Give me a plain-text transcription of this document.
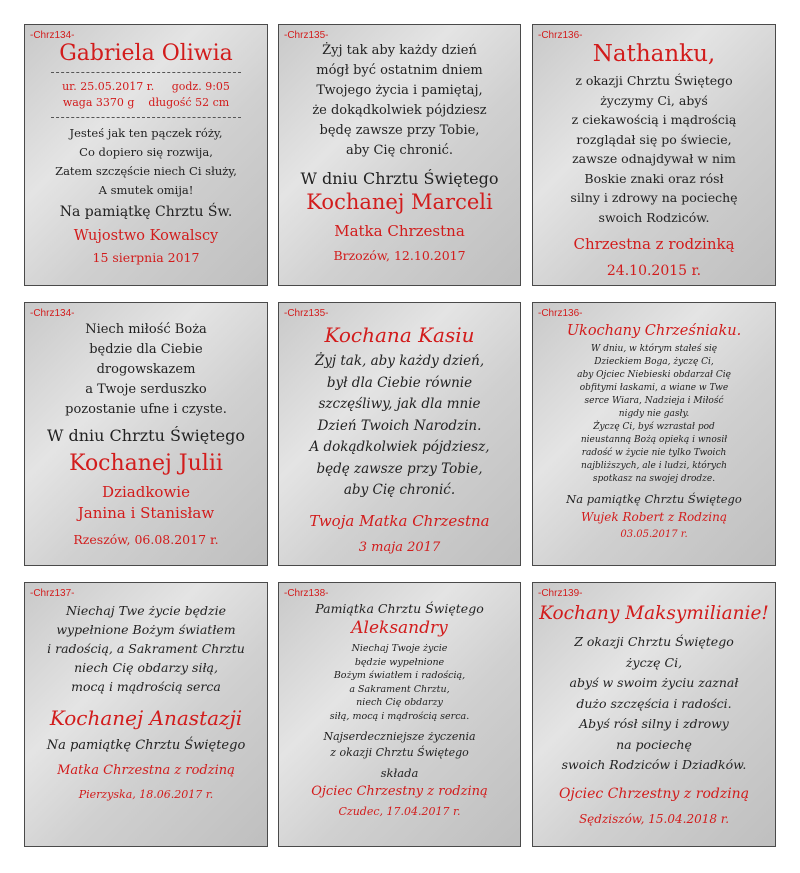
-Chrz134-
Gabriela Oliwia
ur. 25.05.2017 r.     godz. 9:05
waga 3370 g    długość 52 cm
Jesteś jak ten pączek róży,
Co dopiero się rozwija,
Zatem szczęście niech Ci służy,
A smutek omija!
Na pamiątkę Chrztu Św.
Wujostwo Kowalscy
15 sierpnia 2017
-Chrz135-
Żyj tak aby każdy dzień
mógł być ostatnim dniem
Twojego życia i pamiętaj,
że dokądkolwiek pójdziesz
będę zawsze przy Tobie,
aby Cię chronić.
W dniu Chrztu Świętego
Kochanej Marceli
Matka Chrzestna
Brzozów, 12.10.2017
-Chrz136-
Nathanku,
z okazji Chrztu Świętego
życzymy Ci, abyś
z ciekawością i mądrością
rozglądał się po świecie,
zawsze odnajdywał w nim
Boskie znaki oraz rósł
silny i zdrowy na pociechę
swoich Rodziców.
Chrzestna z rodzinką
24.10.2015 r.
-Chrz134-
Niech miłość Boża
będzie dla Ciebie
drogowskazem
a Twoje serduszko
pozostanie ufne i czyste.
W dniu Chrztu Świętego
Kochanej Julii
Dziadkowie
Janina i Stanisław
Rzeszów, 06.08.2017 r.
-Chrz135-
Kochana Kasiu
Żyj tak, aby każdy dzień,
był dla Ciebie równie
szczęśliwy, jak dla mnie
Dzień Twoich Narodzin.
A dokądkolwiek pójdziesz,
będę zawsze przy Tobie,
aby Cię chronić.
Twoja Matka Chrzestna
3 maja 2017
-Chrz136-
Ukochany Chrześniaku.
W dniu, w którym stałeś się
Dzieckiem Boga, życzę Ci,
aby Ojciec Niebieski obdarzał Cię
obfitymi łaskami, a wiane w Twe
serce Wiara, Nadzieja i Miłość
nigdy nie gasły.
Życzę Ci, byś wzrastał pod
nieustanną Bożą opieką i wnosił
radość w życie nie tylko Twoich
najbliższych, ale i ludzi, których
spotkasz na swojej drodze.
Na pamiątkę Chrztu Świętego
Wujek Robert z Rodziną
03.05.2017 r.
-Chrz137-
Niechaj Twe życie będzie
wypełnione Bożym światłem
i radością, a Sakrament Chrztu
niech Cię obdarzy siłą,
mocą i mądrością serca
Kochanej Anastazji
Na pamiątkę Chrztu Świętego
Matka Chrzestna z rodziną
Pierzyska, 18.06.2017 r.
-Chrz138-
Pamiątka Chrztu Świętego
Aleksandry
Niechaj Twoje życie
będzie wypełnione
Bożym światłem i radością,
a Sakrament Chrztu,
niech Cię obdarzy
siłą, mocą i mądrością serca.
Najserdeczniejsze życzenia
z okazji Chrztu Świętego
składa
Ojciec Chrzestny z rodziną
Czudec, 17.04.2017 r.
-Chrz139-
Kochany Maksymilianie!
Z okazji Chrztu Świętego
życzę Ci,
abyś w swoim życiu zaznał
dużo szczęścia i radości.
Abyś rósł silny i zdrowy
na pociechę
swoich Rodziców i Dziadków.
Ojciec Chrzestny z rodziną
Sędziszów, 15.04.2018 r.
